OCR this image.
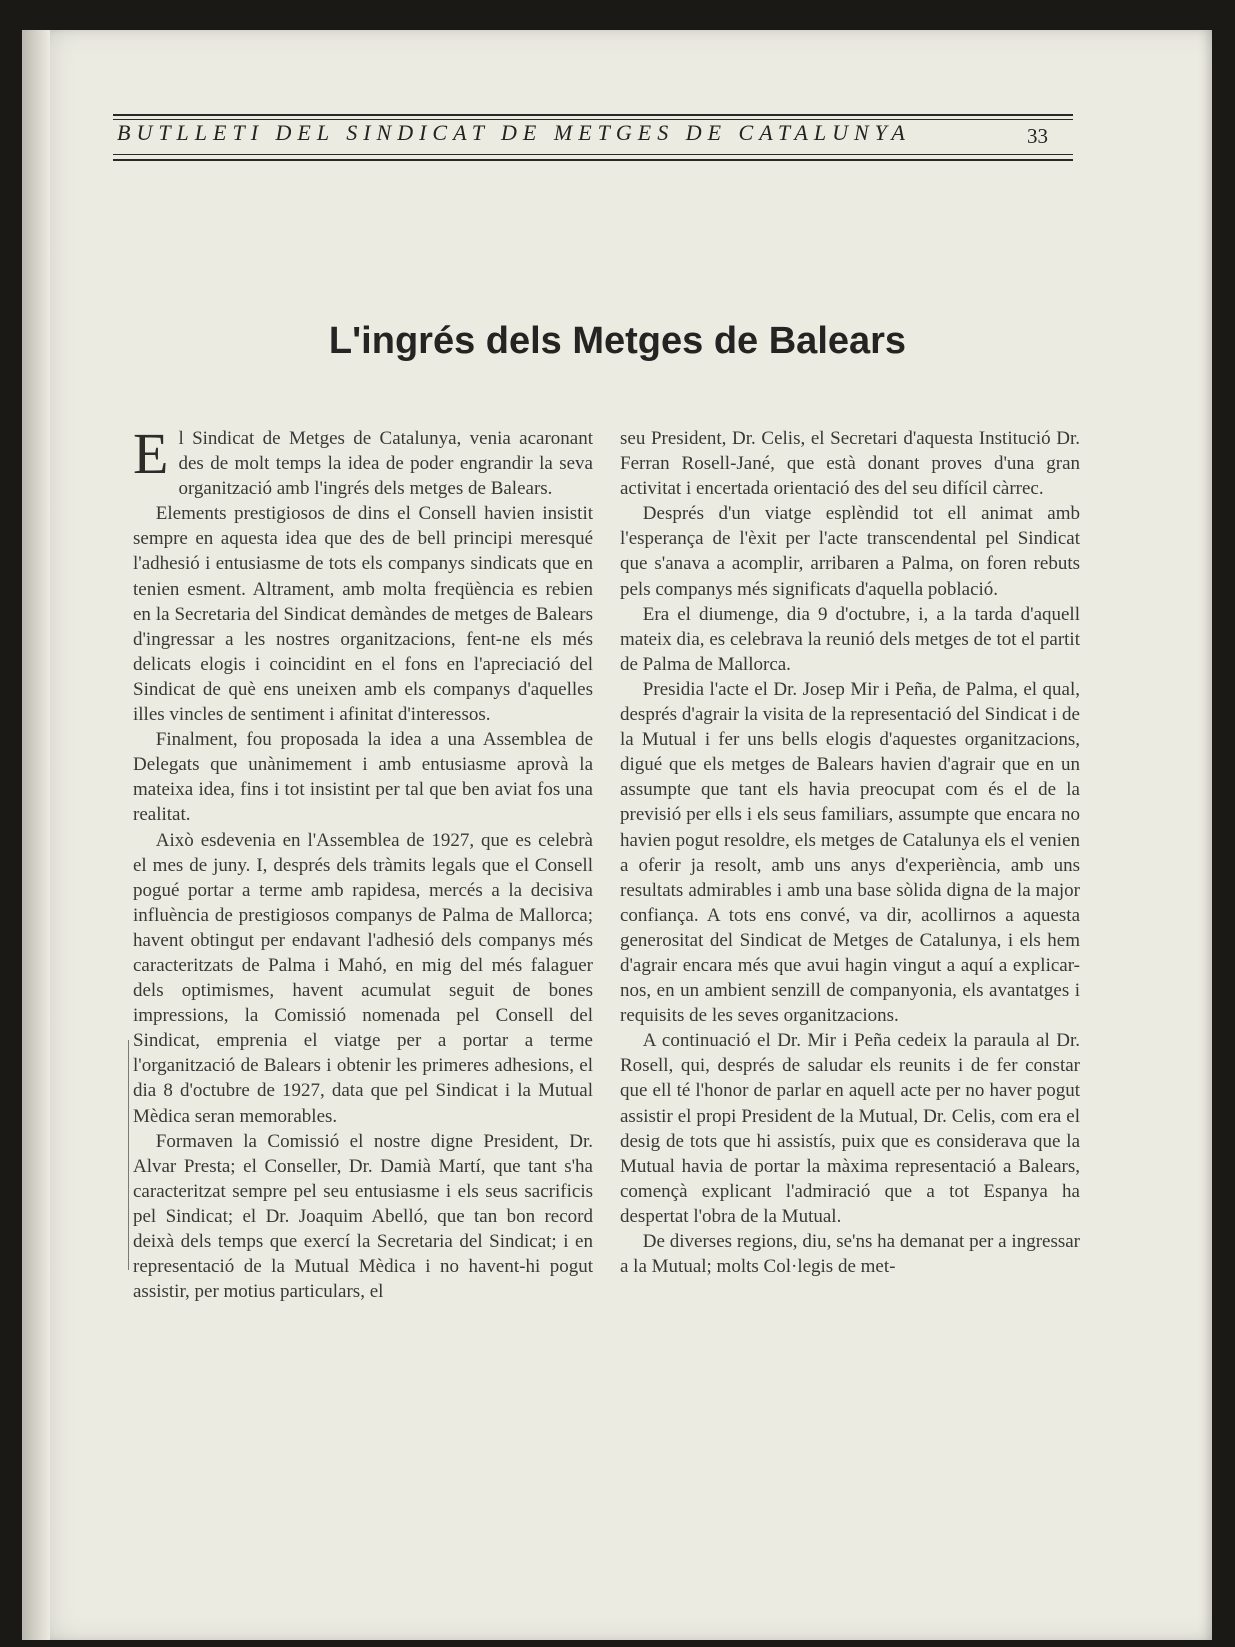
BUTLLETI DEL SINDICAT DE METGES DE CATALUNYA	33
L'ingrés dels Metges de Balears

El Sindicat de Metges de Catalunya, venia acaronant des de molt temps la idea de poder engrandir la seva organització amb l'ingrés dels metges de Balears.

Elements prestigiosos de dins el Consell havien insistit sempre en aquesta idea que des de bell principi meresqué l'adhesió i entusiasme de tots els companys sindicats que en tenien esment. Altrament, amb molta freqüència es rebien en la Secretaria del Sindicat demàndes de metges de Balears d'ingressar a les nostres organitzacions, fent-ne els més delicats elogis i coincidint en el fons en l'apreciació del Sindicat de què ens uneixen amb els companys d'aquelles illes vincles de sentiment i afinitat d'interessos.

Finalment, fou proposada la idea a una Assemblea de Delegats que unànimement i amb entusiasme aprovà la mateixa idea, fins i tot insistint per tal que ben aviat fos una realitat.

Això esdevenia en l'Assemblea de 1927, que es celebrà el mes de juny. I, després dels tràmits legals que el Consell pogué portar a terme amb rapidesa, mercés a la decisiva influència de prestigiosos companys de Palma de Mallorca; havent obtingut per endavant l'adhesió dels companys més caracteritzats de Palma i Mahó, en mig del més falaguer dels optimismes, havent acumulat seguit de bones impressions, la Comissió nomenada pel Consell del Sindicat, emprenia el viatge per a portar a terme l'organització de Balears i obtenir les primeres adhesions, el dia 8 d'octubre de 1927, data que pel Sindicat i la Mutual Mèdica seran memorables.

Formaven la Comissió el nostre digne President, Dr. Alvar Presta; el Conseller, Dr. Damià Martí, que tant s'ha caracteritzat sempre pel seu entusiasme i els seus sacrificis pel Sindicat; el Dr. Joaquim Abelló, que tan bon record deixà dels temps que exercí la Secretaria del Sindicat; i en representació de la Mutual Mèdica i no havent-hi pogut assistir, per motius particulars, el

seu President, Dr. Celis, el Secretari d'aquesta Institució Dr. Ferran Rosell-Jané, que està donant proves d'una gran activitat i encertada orientació des del seu difícil càrrec.

Després d'un viatge esplèndid tot ell animat amb l'esperança de l'èxit per l'acte transcendental pel Sindicat que s'anava a acomplir, arribaren a Palma, on foren rebuts pels companys més significats d'aquella població.

Era el diumenge, dia 9 d'octubre, i, a la tarda d'aquell mateix dia, es celebrava la reunió dels metges de tot el partit de Palma de Mallorca.

Presidia l'acte el Dr. Josep Mir i Peña, de Palma, el qual, després d'agrair la visita de la representació del Sindicat i de la Mutual i fer uns bells elogis d'aquestes organitzacions, digué que els metges de Balears havien d'agrair que en un assumpte que tant els havia preocupat com és el de la previsió per ells i els seus familiars, assumpte que encara no havien pogut resoldre, els metges de Catalunya els el venien a oferir ja resolt, amb uns anys d'experiència, amb uns resultats admirables i amb una base sòlida digna de la major confiança. A tots ens convé, va dir, acollirnos a aquesta generositat del Sindicat de Metges de Catalunya, i els hem d'agrair encara més que avui hagin vingut a aquí a explicar-nos, en un ambient senzill de companyonia, els avantatges i requisits de les seves organitzacions.

A continuació el Dr. Mir i Peña cedeix la paraula al Dr. Rosell, qui, després de saludar els reunits i de fer constar que ell té l'honor de parlar en aquell acte per no haver pogut assistir el propi President de la Mutual, Dr. Celis, com era el desig de tots que hi assistís, puix que es considerava que la Mutual havia de portar la màxima representació a Balears, començà explicant l'admiració que a tot Espanya ha despertat l'obra de la Mutual.

De diverses regions, diu, se'ns ha demanat per a ingressar a la Mutual; molts Col·legis de met-
